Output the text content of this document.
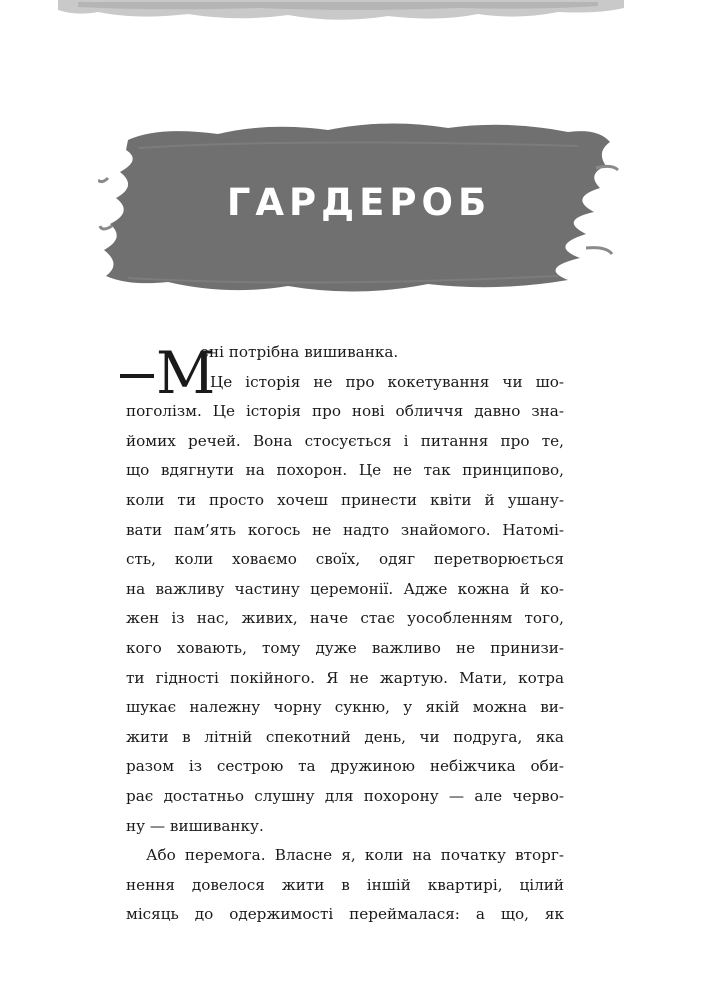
ГАРДЕРОБ
М
ені потрібна вишиванка.
Це історія не про кокетування чи шо-
поголізм. Це історія про нові обличчя давно зна-
йомих речей. Вона стосується і питання про те,
що вдягнути на похорон. Це не так принципово,
коли ти просто хочеш принести квіти й ушану-
вати пам’ять когось не надто знайомого. Натомі-
сть, коли ховаємо своїх, одяг перетворюється
на важливу частину церемонії. Адже кожна й ко-
жен із нас, живих, наче стає уособленням того,
кого ховають, тому дуже важливо не принизи-
ти гідності покійного. Я не жартую. Мати, котра
шукає належну чорну сукню, у якій можна ви-
жити в літній спекотний день, чи подруга, яка
разом із сестрою та дружиною небіжчика оби-
рає достатньо слушну для похорону — але черво-
ну — вишиванку.
Або перемога. Власне я, коли на початку вторг-
нення довелося жити в іншій квартирі, цілий
місяць до одержимості переймалася: а що, як
